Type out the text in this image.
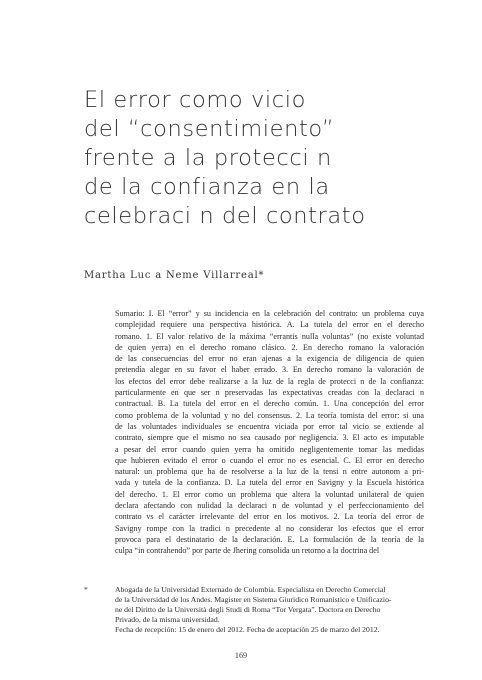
El error como vicio
del “consentimiento”
frente a la protecci n
de la confianza en la
celebraci n del contrato
Martha Luc a Neme Villarreal*
Sumario: I. El “error” y su incidencia en la celebración del contrato: un problema cuya
complejidad requiere una perspectiva histórica. A. La tutela del error en el derecho
romano. 1. El valor relativo de la máxima “errantis nulla voluntas” (no existe voluntad
de quien yerra) en el derecho romano clásico. 2. En derecho romano la valoración
de las consecuencias del error no eran ajenas a la exigencia de diligencia de quien
pretendía alegar en su favor el haber errado. 3. En derecho romano la valoración de
los efectos del error debe realizarse a la luz de la regla de protecci n de la confianza:
particularmente en que ser n preservadas las expectativas creadas con la declaraci n
contractual. B. La tutela del error en el derecho común. 1. Una concepción del error
como problema de la voluntad y no del consensus. 2. La teoría tomista del error: si una
de las voluntades individuales se encuentra viciada por error tal vicio se extiende al
contrato, siempre que el mismo no sea causado por negligencia. 3. El acto es imputable
a pesar del error cuando quien yerra ha omitido negligentemente tomar las medidas
que hubieren evitado el error o cuando el error no es esencial. C. El error en derecho
natural: un problema que ha de resolverse a la luz de la tensi n entre autonom a pri-
vada y tutela de la confianza. D. La tutela del error en Savigny y la Escuela histórica
del derecho. 1. El error como un problema que altera la voluntad unilateral de quien
declara afectando con nulidad la declaraci n de voluntad y el perfeccionamiento del
contrato vs el carácter irrelevante del error en los motivos. 2. La teoría del error de
Savigny rompe con la tradici n precedente al no considerar los efectos que el error
provoca para el destinatario de la declaración. E. La formulación de la teoría de la
culpa “in contrahendo” por parte de Jhering consolida un retorno a la doctrina del
*	Abogada de la Universidad Externado de Colombia. Especialista en Derecho Comercial
de la Universidad de los Andes. Magister en Sistema Giuridico Romanistico e Unificazio-
ne del Diritto de la Università degli Studi di Roma “Tor Vergata”. Doctora en Derecho
Privado, de la misma universidad.
Fecha de recepción: 15 de enero del 2012. Fecha de aceptación 25 de marzo del 2012.
169
